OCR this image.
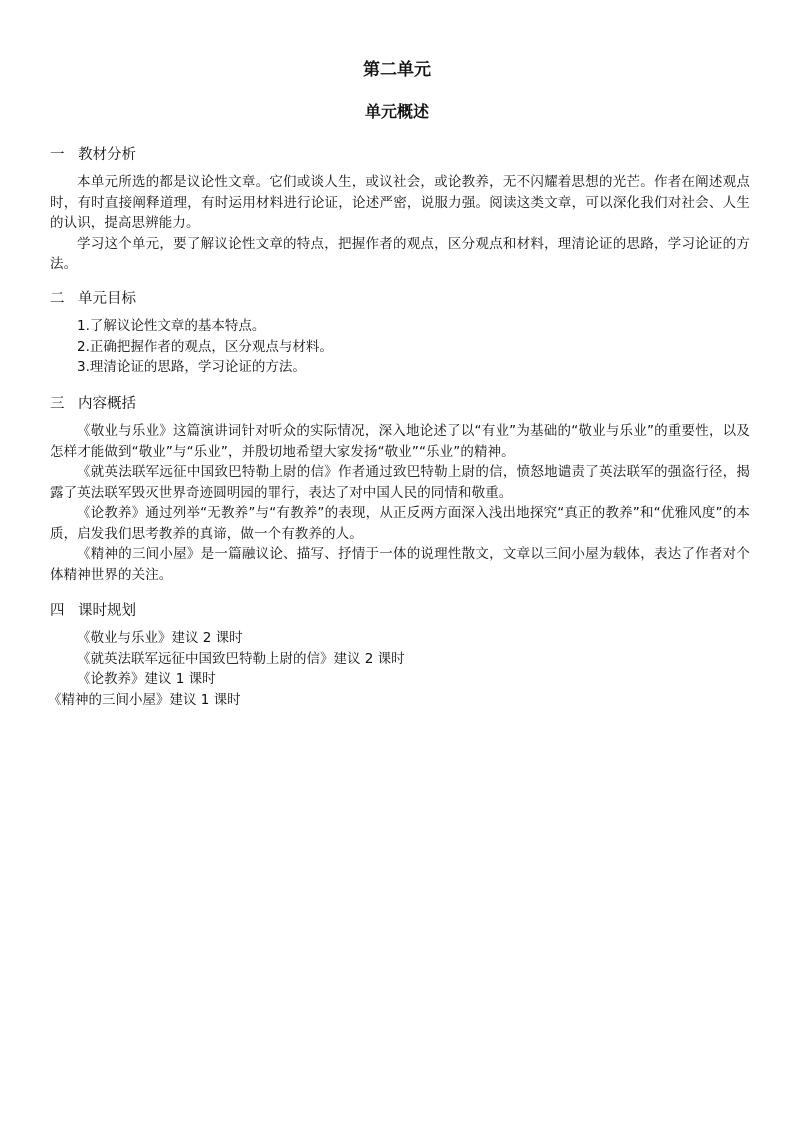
第二单元
单元概述
一 教材分析

本单元所选的都是议论性文章。它们或谈人生，或议社会，或论教养，无不闪耀着思想的光芒。作者在阐述观点时，有时直接阐释道理，有时运用材料进行论证，论述严密，说服力强。阅读这类文章，可以深化我们对社会、人生的认识，提高思辨能力。

学习这个单元，要了解议论性文章的特点，把握作者的观点，区分观点和材料，理清论证的思路，学习论证的方法。

二 单元目标
1.了解议论性文章的基本特点。
2.正确把握作者的观点，区分观点与材料。
3.理清论证的思路，学习论证的方法。
三 内容概括

《敬业与乐业》这篇演讲词针对听众的实际情况，深入地论述了以“有业”为基础的“敬业与乐业”的重要性，以及怎样才能做到“敬业”与“乐业”，并殷切地希望大家发扬“敬业”“乐业”的精神。

《就英法联军远征中国致巴特勒上尉的信》作者通过致巴特勒上尉的信，愤怒地谴责了英法联军的强盗行径，揭露了英法联军毁灭世界奇迹圆明园的罪行，表达了对中国人民的同情和敬重。

《论教养》通过列举“无教养”与“有教养”的表现，从正反两方面深入浅出地探究“真正的教养”和“优雅风度”的本质，启发我们思考教养的真谛，做一个有教养的人。

《精神的三间小屋》是一篇融议论、描写、抒情于一体的说理性散文，文章以三间小屋为载体，表达了作者对个体精神世界的关注。

四 课时规划
《敬业与乐业》建议 2 课时
《就英法联军远征中国致巴特勒上尉的信》建议 2 课时
《论教养》建议 1 课时
《精神的三间小屋》建议 1 课时
